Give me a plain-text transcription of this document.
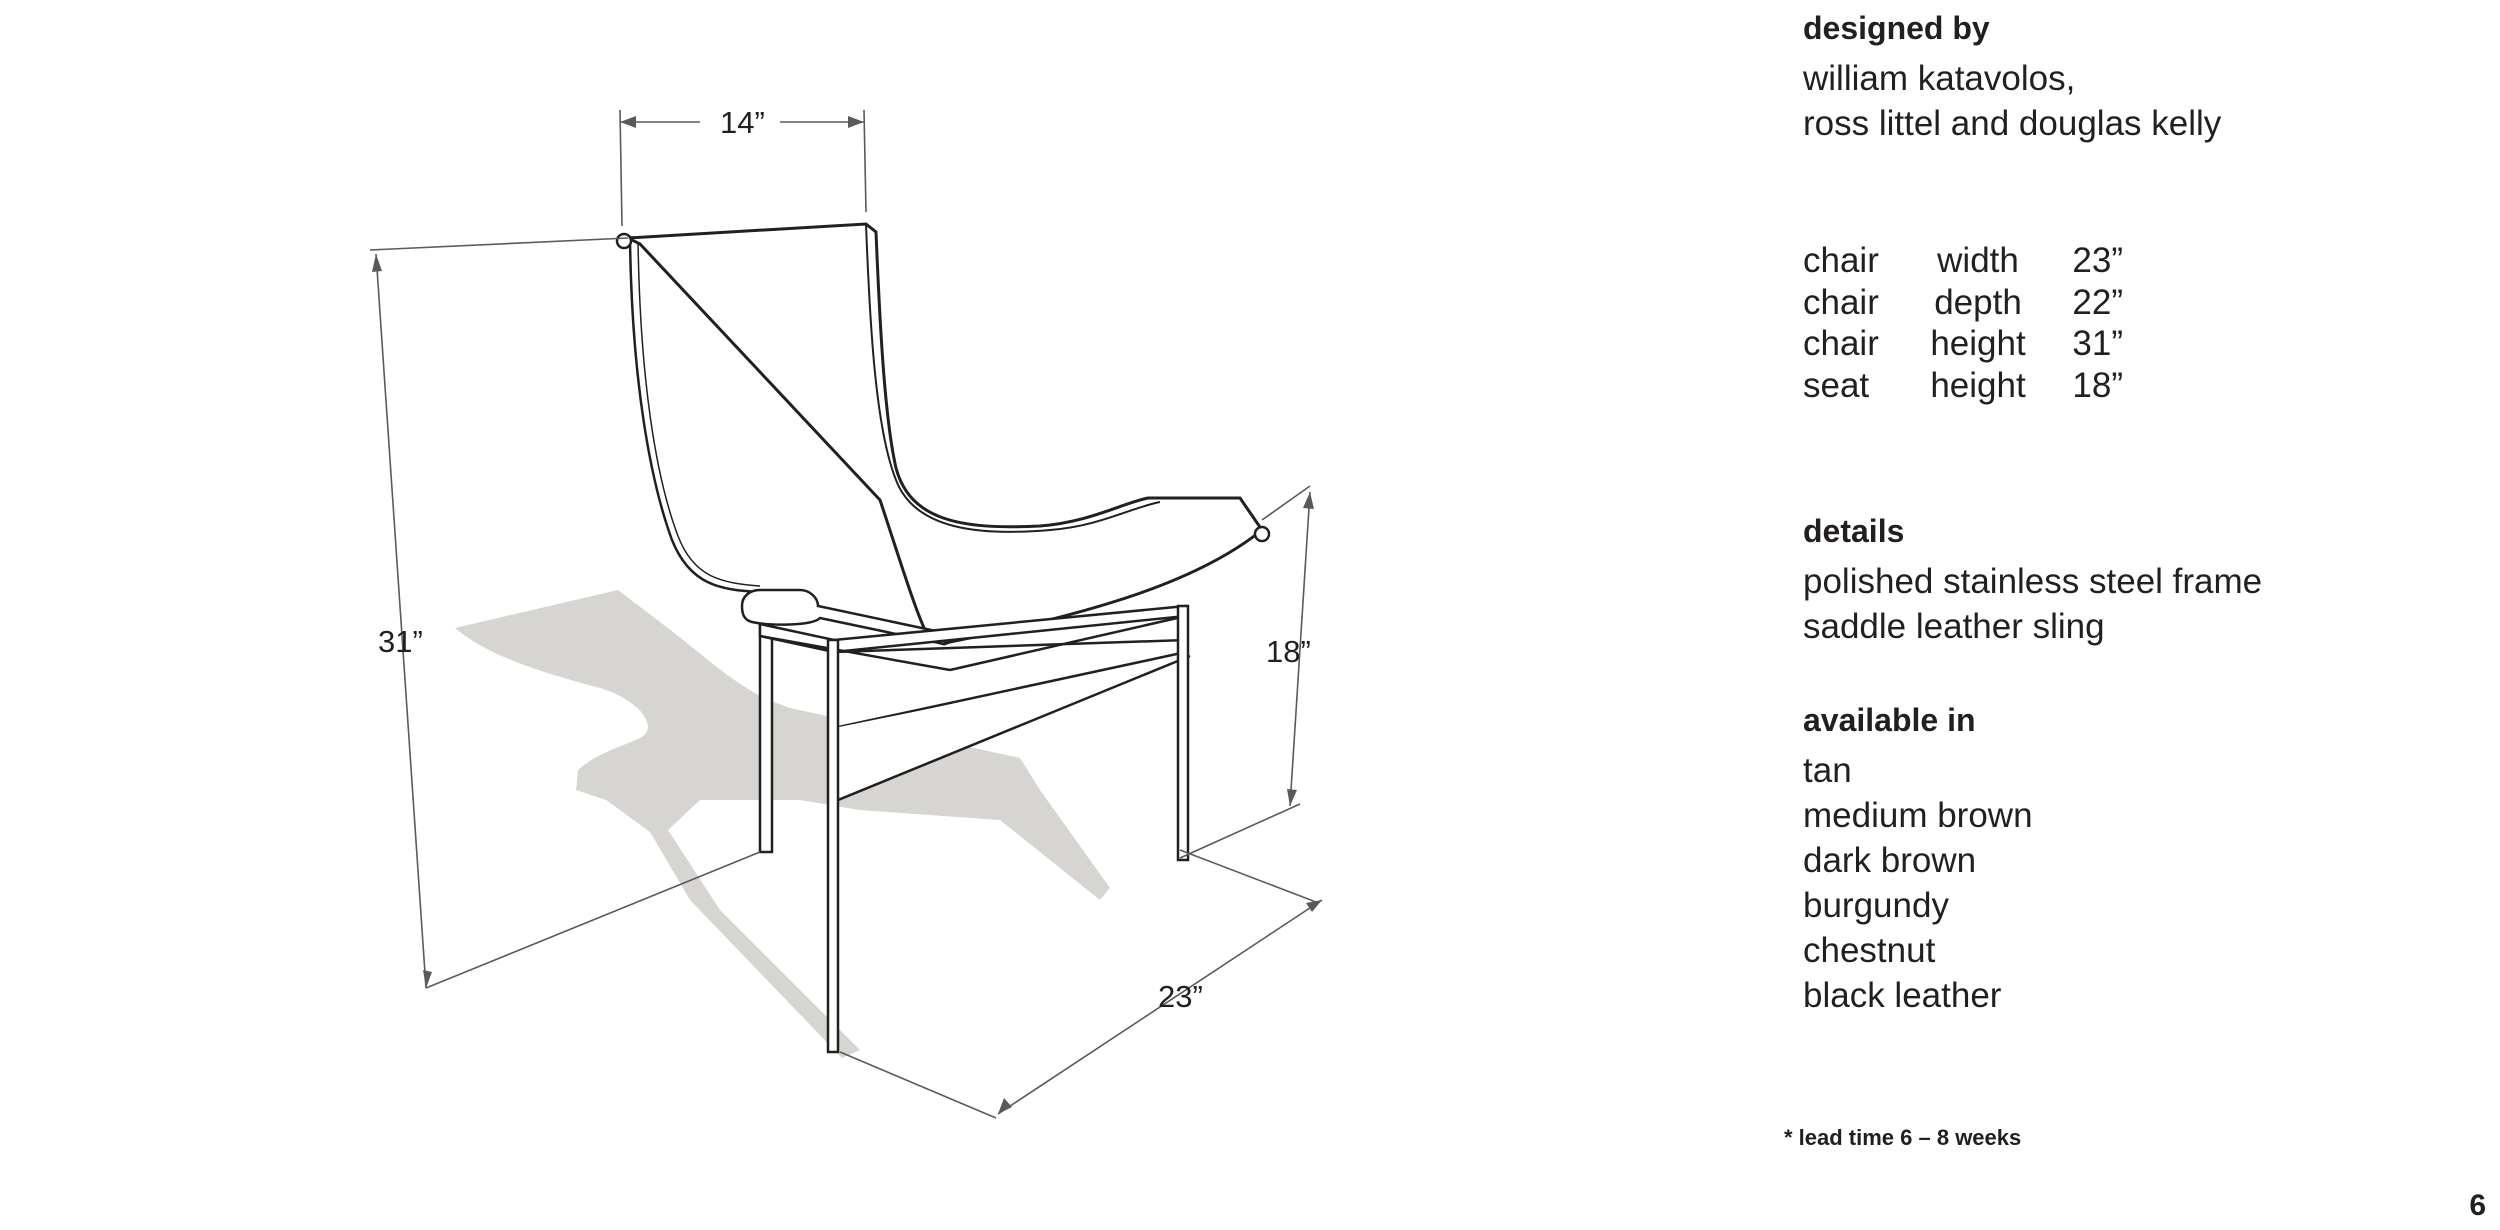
14”
31”	18”
23”
designed by
william katavolos,
ross littel and douglas kelly
chair	width	23”
chair	depth	22”
chair	height	31”
seat	height	18”
details
polished stainless steel frame
saddle leather sling
available in
tan
medium brown
dark brown
burgundy
chestnut
black leather
* lead time 6 – 8 weeks
6
